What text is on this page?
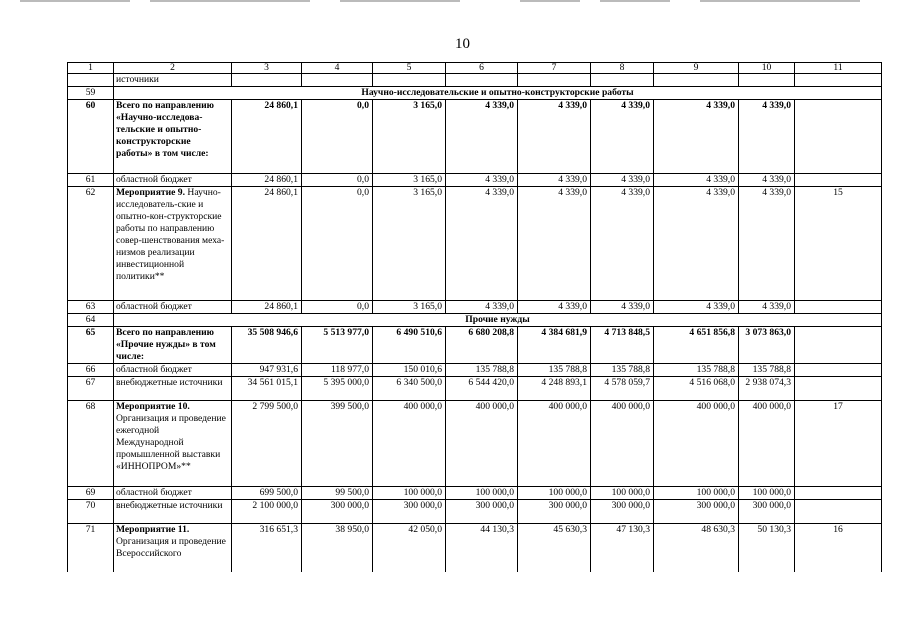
10
1	2	3	4	5	6	7	8	9	10	11
	источники									
59	Научно-исследовательские и опытно-конструкторские работы									
60	Всего по направлению «Научно-исследова-тельские и опытно-конструкторские работы» в том числе:	24 860,1	0,0	3 165,0	4 339,0	4 339,0	4 339,0	4 339,0	4 339,0	
61	областной бюджет	24 860,1	0,0	3 165,0	4 339,0	4 339,0	4 339,0	4 339,0	4 339,0	
62	Мероприятие 9. Научно-исследователь-ские и опытно-кон-структорские работы по направлению совер-шенствования меха-низмов реализации инвестиционной политики**	24 860,1	0,0	3 165,0	4 339,0	4 339,0	4 339,0	4 339,0	4 339,0	15
63	областной бюджет	24 860,1	0,0	3 165,0	4 339,0	4 339,0	4 339,0	4 339,0	4 339,0	
64	Прочие нужды									
65	Всего по направлению «Прочие нужды» в том числе:	35 508 946,6	5 513 977,0	6 490 510,6	6 680 208,8	4 384 681,9	4 713 848,5	4 651 856,8	3 073 863,0	
66	областной бюджет	947 931,6	118 977,0	150 010,6	135 788,8	135 788,8	135 788,8	135 788,8	135 788,8	
67	внебюджетные источники	34 561 015,1	5 395 000,0	6 340 500,0	6 544 420,0	4 248 893,1	4 578 059,7	4 516 068,0	2 938 074,3	
68	Мероприятие 10. Организация и проведение ежегодной Международной промышленной выставки «ИННОПРОМ»**	2 799 500,0	399 500,0	400 000,0	400 000,0	400 000,0	400 000,0	400 000,0	400 000,0	17
69	областной бюджет	699 500,0	99 500,0	100 000,0	100 000,0	100 000,0	100 000,0	100 000,0	100 000,0	
70	внебюджетные источники	2 100 000,0	300 000,0	300 000,0	300 000,0	300 000,0	300 000,0	300 000,0	300 000,0	
71	Мероприятие 11. Организация и проведение Всероссийского	316 651,3	38 950,0	42 050,0	44 130,3	45 630,3	47 130,3	48 630,3	50 130,3	16
